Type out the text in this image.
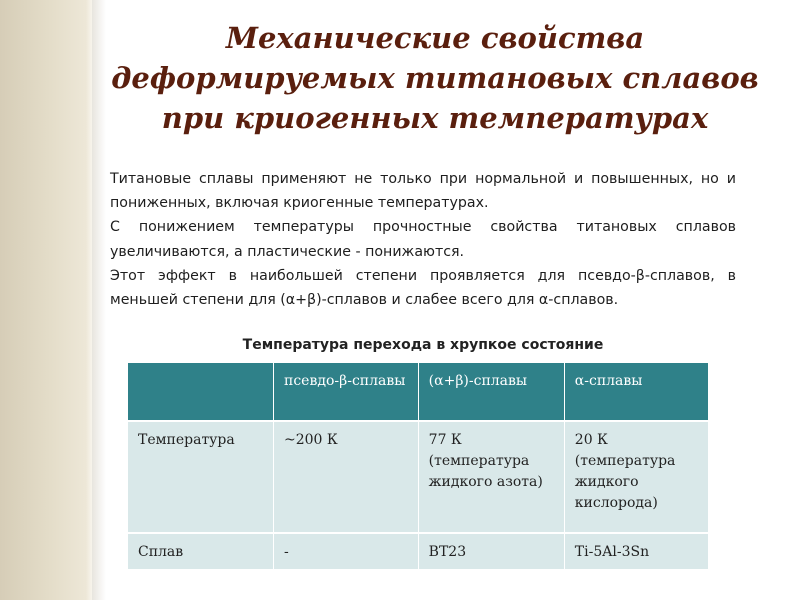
Механические свойства деформируемых титановых сплавов при криогенных температурах

Титановые сплавы применяют не только при нормальной и повышенных, но и пониженных, включая криогенные температурах.

С понижением температуры прочностные свойства титановых сплавов увеличиваются, а пластические - понижаются.

Этот эффект в наибольшей степени проявляется для псевдо-β-сплавов, в меньшей степени для (α+β)-сплавов и слабее всего для α-сплавов.

Температура перехода в хрупкое состояние
	псевдо-β-сплавы	(α+β)-сплавы	α-сплавы
Температура	~200 К	77 К (температура жидкого азота)	20 К (температура жидкого кислорода)
Сплав	-	ВТ23	Ti-5Al-3Sn
